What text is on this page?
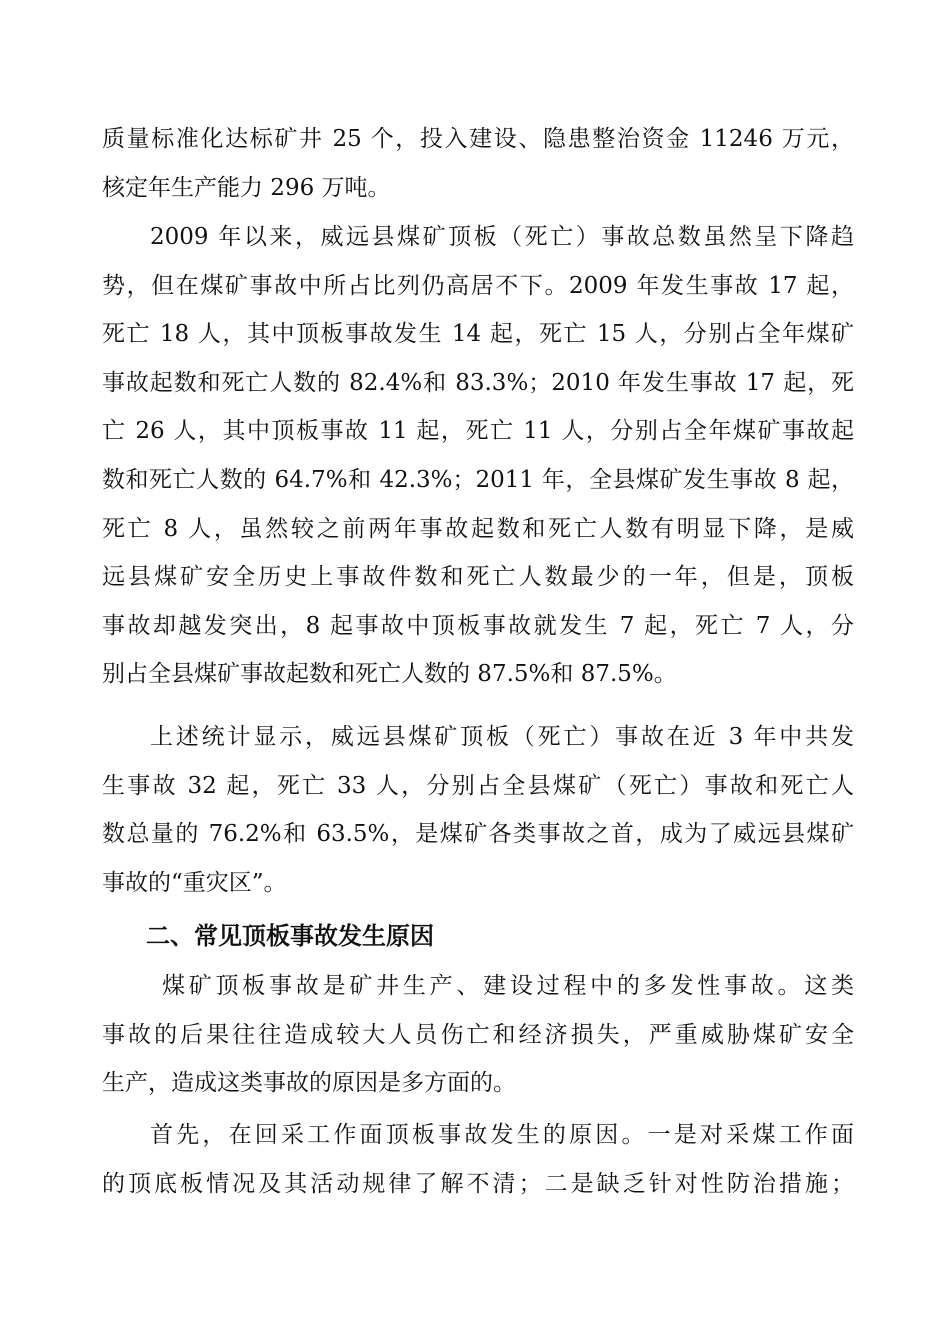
质量标准化达标矿井 25 个，投入建设、隐患整治资金 11246 万元，
核定年生产能力 296 万吨。
2009 年以来，威远县煤矿顶板（死亡）事故总数虽然呈下降趋
势，但在煤矿事故中所占比列仍高居不下。2009 年发生事故 17 起，
死亡 18 人，其中顶板事故发生 14 起，死亡 15 人，分别占全年煤矿
事故起数和死亡人数的 82.4%和 83.3%；2010 年发生事故 17 起，死
亡 26 人，其中顶板事故 11 起，死亡 11 人，分别占全年煤矿事故起
数和死亡人数的 64.7%和 42.3%；2011 年，全县煤矿发生事故 8 起，
死亡 8 人，虽然较之前两年事故起数和死亡人数有明显下降，是威
远县煤矿安全历史上事故件数和死亡人数最少的一年，但是，顶板
事故却越发突出，8 起事故中顶板事故就发生 7 起，死亡 7 人，分
别占全县煤矿事故起数和死亡人数的 87.5%和 87.5%。
上述统计显示，威远县煤矿顶板（死亡）事故在近 3 年中共发
生事故 32 起，死亡 33 人，分别占全县煤矿（死亡）事故和死亡人
数总量的 76.2%和 63.5%，是煤矿各类事故之首，成为了威远县煤矿
事故的“重灾区”。
二、常见顶板事故发生原因
煤矿顶板事故是矿井生产、建设过程中的多发性事故。这类
事故的后果往往造成较大人员伤亡和经济损失，严重威胁煤矿安全
生产，造成这类事故的原因是多方面的。
首先，在回采工作面顶板事故发生的原因。一是对采煤工作面
的顶底板情况及其活动规律了解不清；二是缺乏针对性防治措施；
